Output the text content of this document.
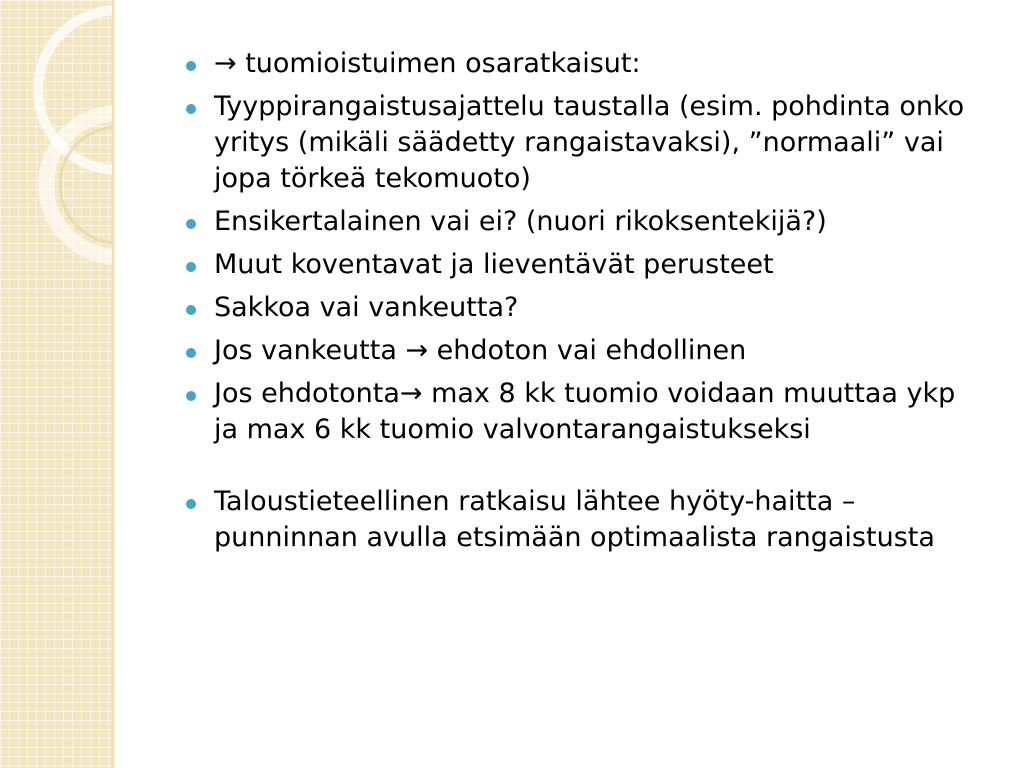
→ tuomioistuimen osaratkaisut:
Tyyppirangaistusajattelu taustalla (esim. pohdinta onko yritys (mikäli säädetty rangaistavaksi), ”normaali” vai jopa törkeä tekomuoto)
Ensikertalainen vai ei? (nuori rikoksentekijä?)
Muut koventavat ja lieventävät perusteet
Sakkoa vai vankeutta?
Jos vankeutta → ehdoton vai ehdollinen
Jos ehdotonta→ max 8 kk tuomio voidaan muuttaa ykp ja max 6 kk tuomio valvontarangaistukseksi
Taloustieteellinen ratkaisu lähtee hyöty-haitta –punninnan avulla etsimään optimaalista rangaistusta
